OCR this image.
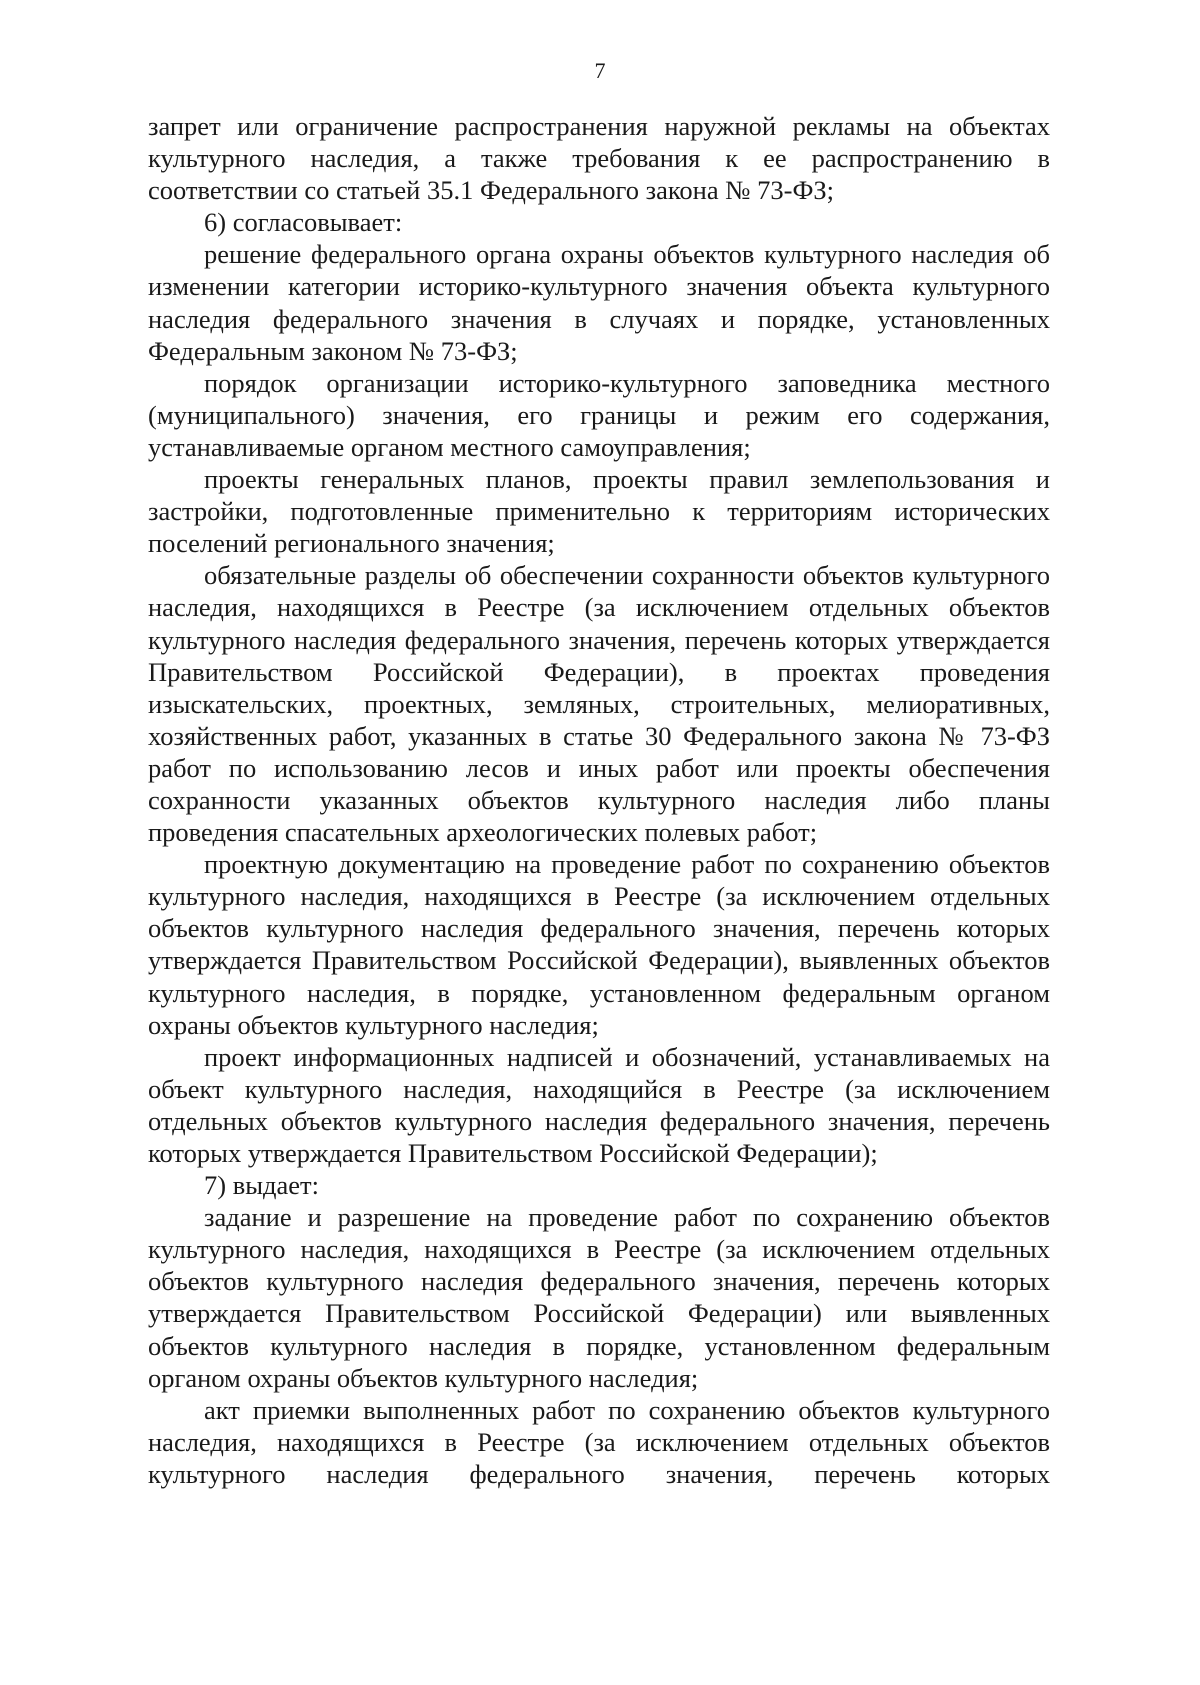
7

запрет или ограничение распространения наружной рекламы на объектах культурного наследия, а также требования к ее распространению в соответствии со статьей 35.1 Федерального закона № 73-ФЗ;

6) согласовывает:

решение федерального органа охраны объектов культурного наследия об изменении категории историко-культурного значения объекта культурного наследия федерального значения в случаях и порядке, установленных Федеральным законом № 73-ФЗ;

порядок организации историко-культурного заповедника местного (муниципального) значения, его границы и режим его содержания, устанавливаемые органом местного самоуправления;

проекты генеральных планов, проекты правил землепользования и застройки, подготовленные применительно к территориям исторических поселений регионального значения;

обязательные разделы об обеспечении сохранности объектов культурного наследия, находящихся в Реестре (за исключением отдельных объектов культурного наследия федерального значения, перечень которых утверждается Правительством Российской Федерации), в проектах проведения изыскательских, проектных, земляных, строительных, мелиоративных, хозяйственных работ, указанных в статье 30 Федерального закона № 73-ФЗ работ по использованию лесов и иных работ или проекты обеспечения сохранности указанных объектов культурного наследия либо планы проведения спасательных археологических полевых работ;

проектную документацию на проведение работ по сохранению объектов культурного наследия, находящихся в Реестре (за исключением отдельных объектов культурного наследия федерального значения, перечень которых утверждается Правительством Российской Федерации), выявленных объектов культурного наследия, в порядке, установленном федеральным органом охраны объектов культурного наследия;

проект информационных надписей и обозначений, устанавливаемых на объект культурного наследия, находящийся в Реестре (за исключением отдельных объектов культурного наследия федерального значения, перечень которых утверждается Правительством Российской Федерации);

7) выдает:

задание и разрешение на проведение работ по сохранению объектов культурного наследия, находящихся в Реестре (за исключением отдельных объектов культурного наследия федерального значения, перечень которых утверждается Правительством Российской Федерации) или выявленных объектов культурного наследия в порядке, установленном федеральным органом охраны объектов культурного наследия;

акт приемки выполненных работ по сохранению объектов культурного наследия, находящихся в Реестре (за исключением отдельных объектов культурного наследия федерального значения, перечень которых
